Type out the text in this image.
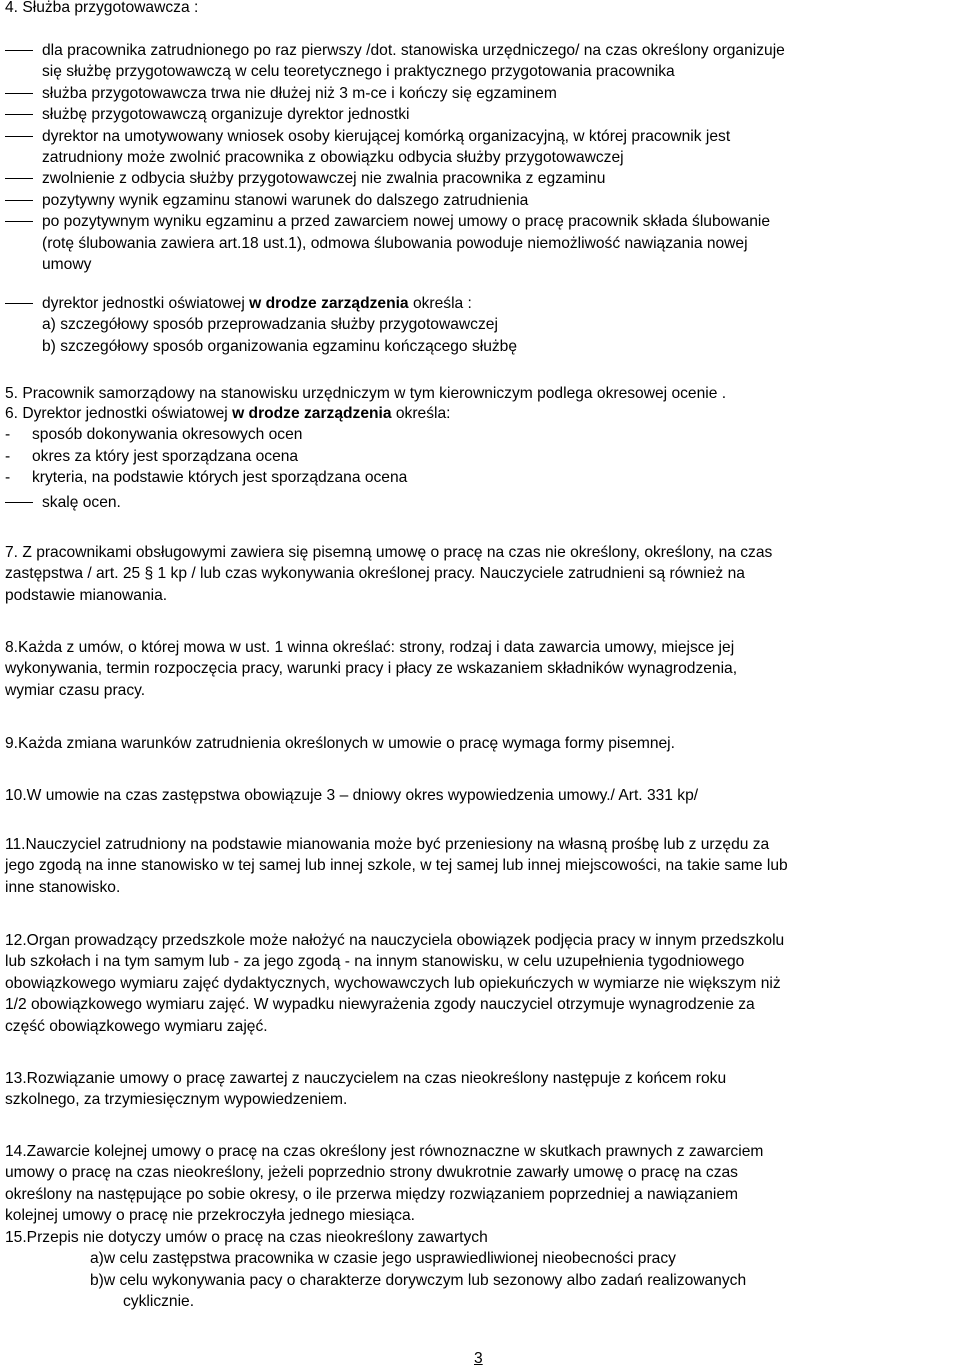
4. Służba przygotowawcza :
dla pracownika zatrudnionego po raz pierwszy /dot. stanowiska urzędniczego/ na czas określony organizuje
się służbę przygotowawczą w celu teoretycznego i praktycznego przygotowania pracownika
służba przygotowawcza trwa nie dłużej niż 3 m-ce i kończy się egzaminem
służbę przygotowawczą organizuje dyrektor jednostki
dyrektor na umotywowany wniosek osoby kierującej komórką organizacyjną, w której pracownik jest
zatrudniony może zwolnić pracownika z obowiązku odbycia służby przygotowawczej
zwolnienie z odbycia służby przygotowawczej nie zwalnia pracownika z egzaminu
pozytywny wynik egzaminu stanowi warunek do dalszego zatrudnienia
po pozytywnym wyniku egzaminu a przed zawarciem nowej umowy o pracę pracownik składa ślubowanie
(rotę ślubowania zawiera art.18 ust.1), odmowa ślubowania powoduje niemożliwość nawiązania nowej
umowy
dyrektor jednostki oświatowej w drodze zarządzenia określa :
a) szczegółowy sposób przeprowadzania służby przygotowawczej
b) szczegółowy sposób organizowania egzaminu kończącego służbę
5. Pracownik samorządowy na stanowisku urzędniczym w tym kierowniczym podlega okresowej ocenie .
6. Dyrektor jednostki oświatowej w drodze zarządzenia określa:
- sposób dokonywania okresowych ocen
- okres za który jest sporządzana ocena
- kryteria, na podstawie których jest sporządzana ocena
skalę ocen.
7. Z pracownikami obsługowymi zawiera się pisemną umowę o pracę na czas nie określony, określony, na czas
zastępstwa / art. 25 § 1 kp / lub czas wykonywania określonej pracy. Nauczyciele zatrudnieni są również na
podstawie mianowania.
8.Każda z umów, o której mowa w ust. 1 winna określać: strony, rodzaj i data zawarcia umowy, miejsce jej
wykonywania, termin rozpoczęcia pracy, warunki pracy i płacy ze wskazaniem składników wynagrodzenia,
wymiar czasu pracy.
9.Każda zmiana warunków zatrudnienia określonych w umowie o pracę wymaga formy pisemnej.
10.W umowie na czas zastępstwa obowiązuje 3 – dniowy okres wypowiedzenia umowy./ Art. 331 kp/
11.Nauczyciel zatrudniony na podstawie mianowania może być przeniesiony na własną prośbę lub z urzędu za
jego zgodą na inne stanowisko w tej samej lub innej szkole, w tej samej lub innej miejscowości, na takie same lub
inne stanowisko.
12.Organ prowadzący przedszkole może nałożyć na nauczyciela obowiązek podjęcia pracy w innym przedszkolu
lub szkołach i na tym samym lub - za jego zgodą - na innym stanowisku, w celu uzupełnienia tygodniowego
obowiązkowego wymiaru zajęć dydaktycznych, wychowawczych lub opiekuńczych w wymiarze nie większym niż
1/2 obowiązkowego wymiaru zajęć. W wypadku niewyrażenia zgody nauczyciel otrzymuje wynagrodzenie za
część obowiązkowego wymiaru zajęć.
13.Rozwiązanie umowy o pracę zawartej z nauczycielem na czas nieokreślony następuje z końcem roku
szkolnego, za trzymiesięcznym wypowiedzeniem.
14.Zawarcie kolejnej umowy o pracę na czas określony jest równoznaczne w skutkach prawnych z zawarciem
umowy o pracę na czas nieokreślony, jeżeli poprzednio strony dwukrotnie zawarły umowę o pracę na czas
określony na następujące po sobie okresy, o ile przerwa między rozwiązaniem poprzedniej a nawiązaniem
kolejnej umowy o pracę nie przekroczyła jednego miesiąca.
15.Przepis nie dotyczy umów o pracę na czas nieokreślony zawartych
a)w celu zastępstwa pracownika w czasie jego usprawiedliwionej nieobecności pracy
b)w celu wykonywania pacy o charakterze dorywczym lub sezonowy albo zadań realizowanych
cyklicznie.
3
